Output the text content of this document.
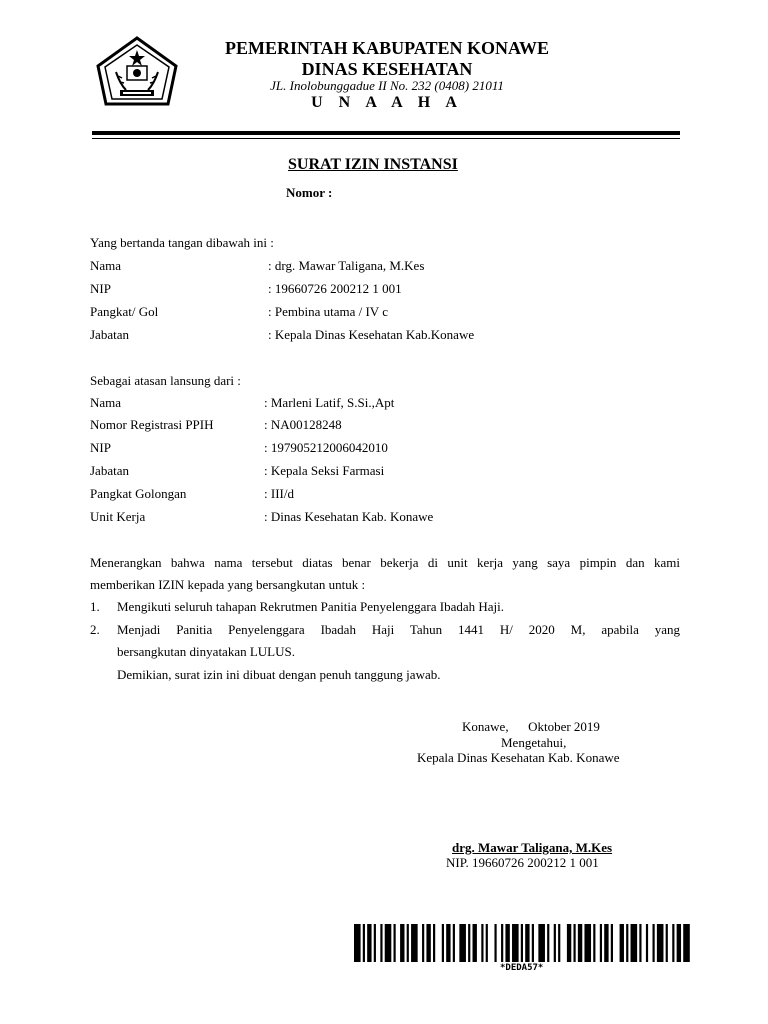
PEMERINTAH KABUPATEN KONAWE
DINAS KESEHATAN
JL. Inolobunggadue II No. 232 (0408) 21011
U N A A H A
SURAT IZIN INSTANSI
Nomor :
Yang bertanda tangan dibawah ini :
Nama	: drg. Mawar Taligana, M.Kes
NIP	: 19660726 200212 1 001
Pangkat/ Gol	: Pembina utama / IV c
Jabatan	: Kepala Dinas Kesehatan Kab.Konawe
Sebagai atasan lansung dari :
Nama	: Marleni Latif, S.Si.,Apt
Nomor Registrasi PPIH	: NA00128248
NIP	: 197905212006042010
Jabatan	: Kepala Seksi Farmasi
Pangkat Golongan	: III/d
Unit Kerja	: Dinas Kesehatan Kab. Konawe
Menerangkan bahwa nama tersebut diatas benar bekerja di unit kerja yang saya pimpin dan kami
memberikan IZIN kepada yang bersangkutan untuk :
1. Mengikuti seluruh tahapan Rekrutmen Panitia Penyelenggara Ibadah Haji.
2. Menjadi Panitia Penyelenggara Ibadah Haji Tahun 1441 H/ 2020 M, apabila yang
bersangkutan dinyatakan LULUS.
Demikian, surat izin ini dibuat dengan penuh tanggung jawab.
Konawe,      Oktober 2019
Mengetahui,
Kepala Dinas Kesehatan Kab. Konawe
drg. Mawar Taligana, M.Kes
NIP. 19660726 200212 1 001
*DEDA57*
